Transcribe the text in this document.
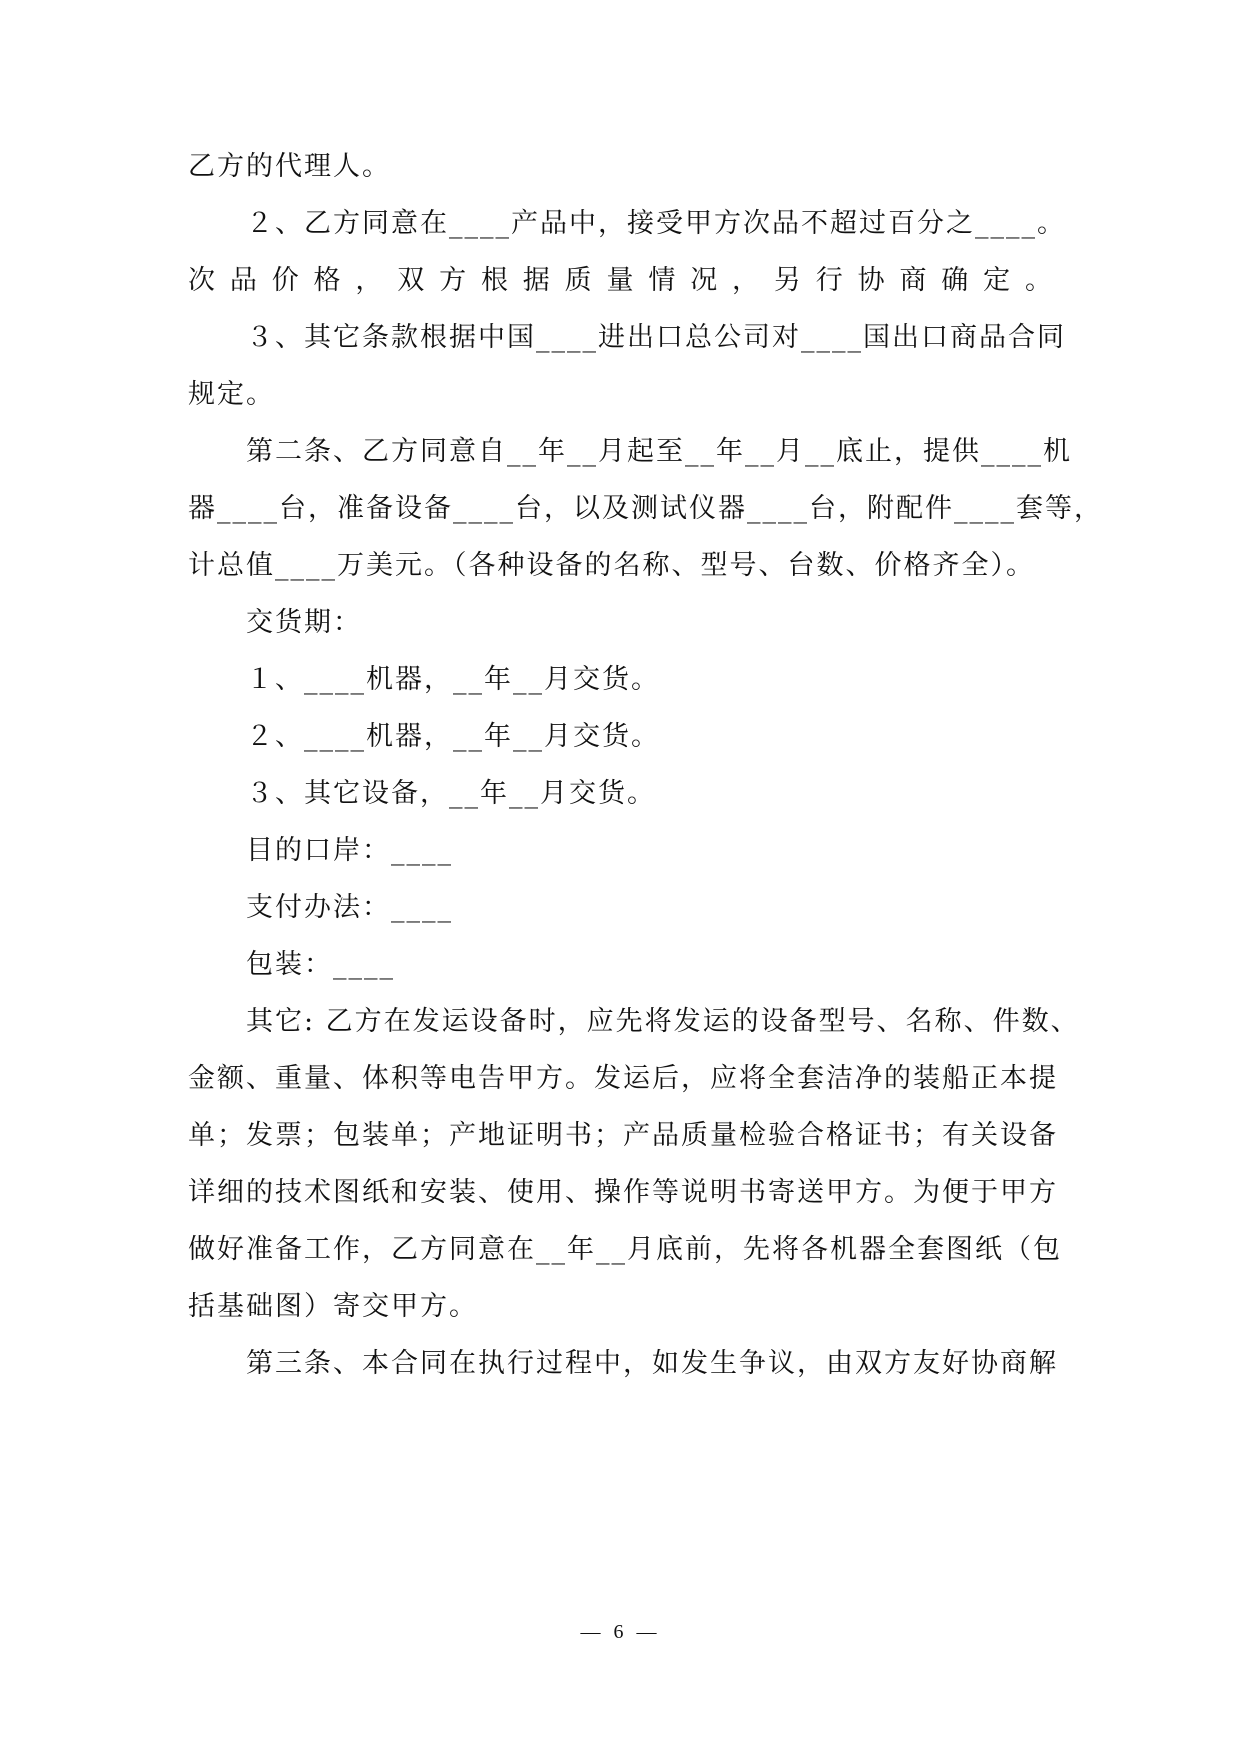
乙方的代理人。
２、乙方同意在____产品中，接受甲方次品不超过百分之____。
次品价格，双方根据质量情况，另行协商确定。
３、其它条款根据中国____进出口总公司对____国出口商品合同
规定。
第二条、乙方同意自__年__月起至__年__月__底止，提供____机
器____台，准备设备____台，以及测试仪器____台，附配件____套等，
计总值____万美元。（各种设备的名称、型号、台数、价格齐全）。
交货期：
１、____机器，__年__月交货。
２、____机器，__年__月交货。
３、其它设备，__年__月交货。
目的口岸：____
支付办法：____
包装：____
其它: 乙方在发运设备时，应先将发运的设备型号、名称、件数、
金额、重量、体积等电告甲方。发运后，应将全套洁净的装船正本提
单；发票；包装单；产地证明书；产品质量检验合格证书；有关设备
详细的技术图纸和安装、使用、操作等说明书寄送甲方。为便于甲方
做好准备工作，乙方同意在__年__月底前，先将各机器全套图纸（包
括基础图）寄交甲方。
第三条、本合同在执行过程中，如发生争议，由双方友好协商解
— 6 —
